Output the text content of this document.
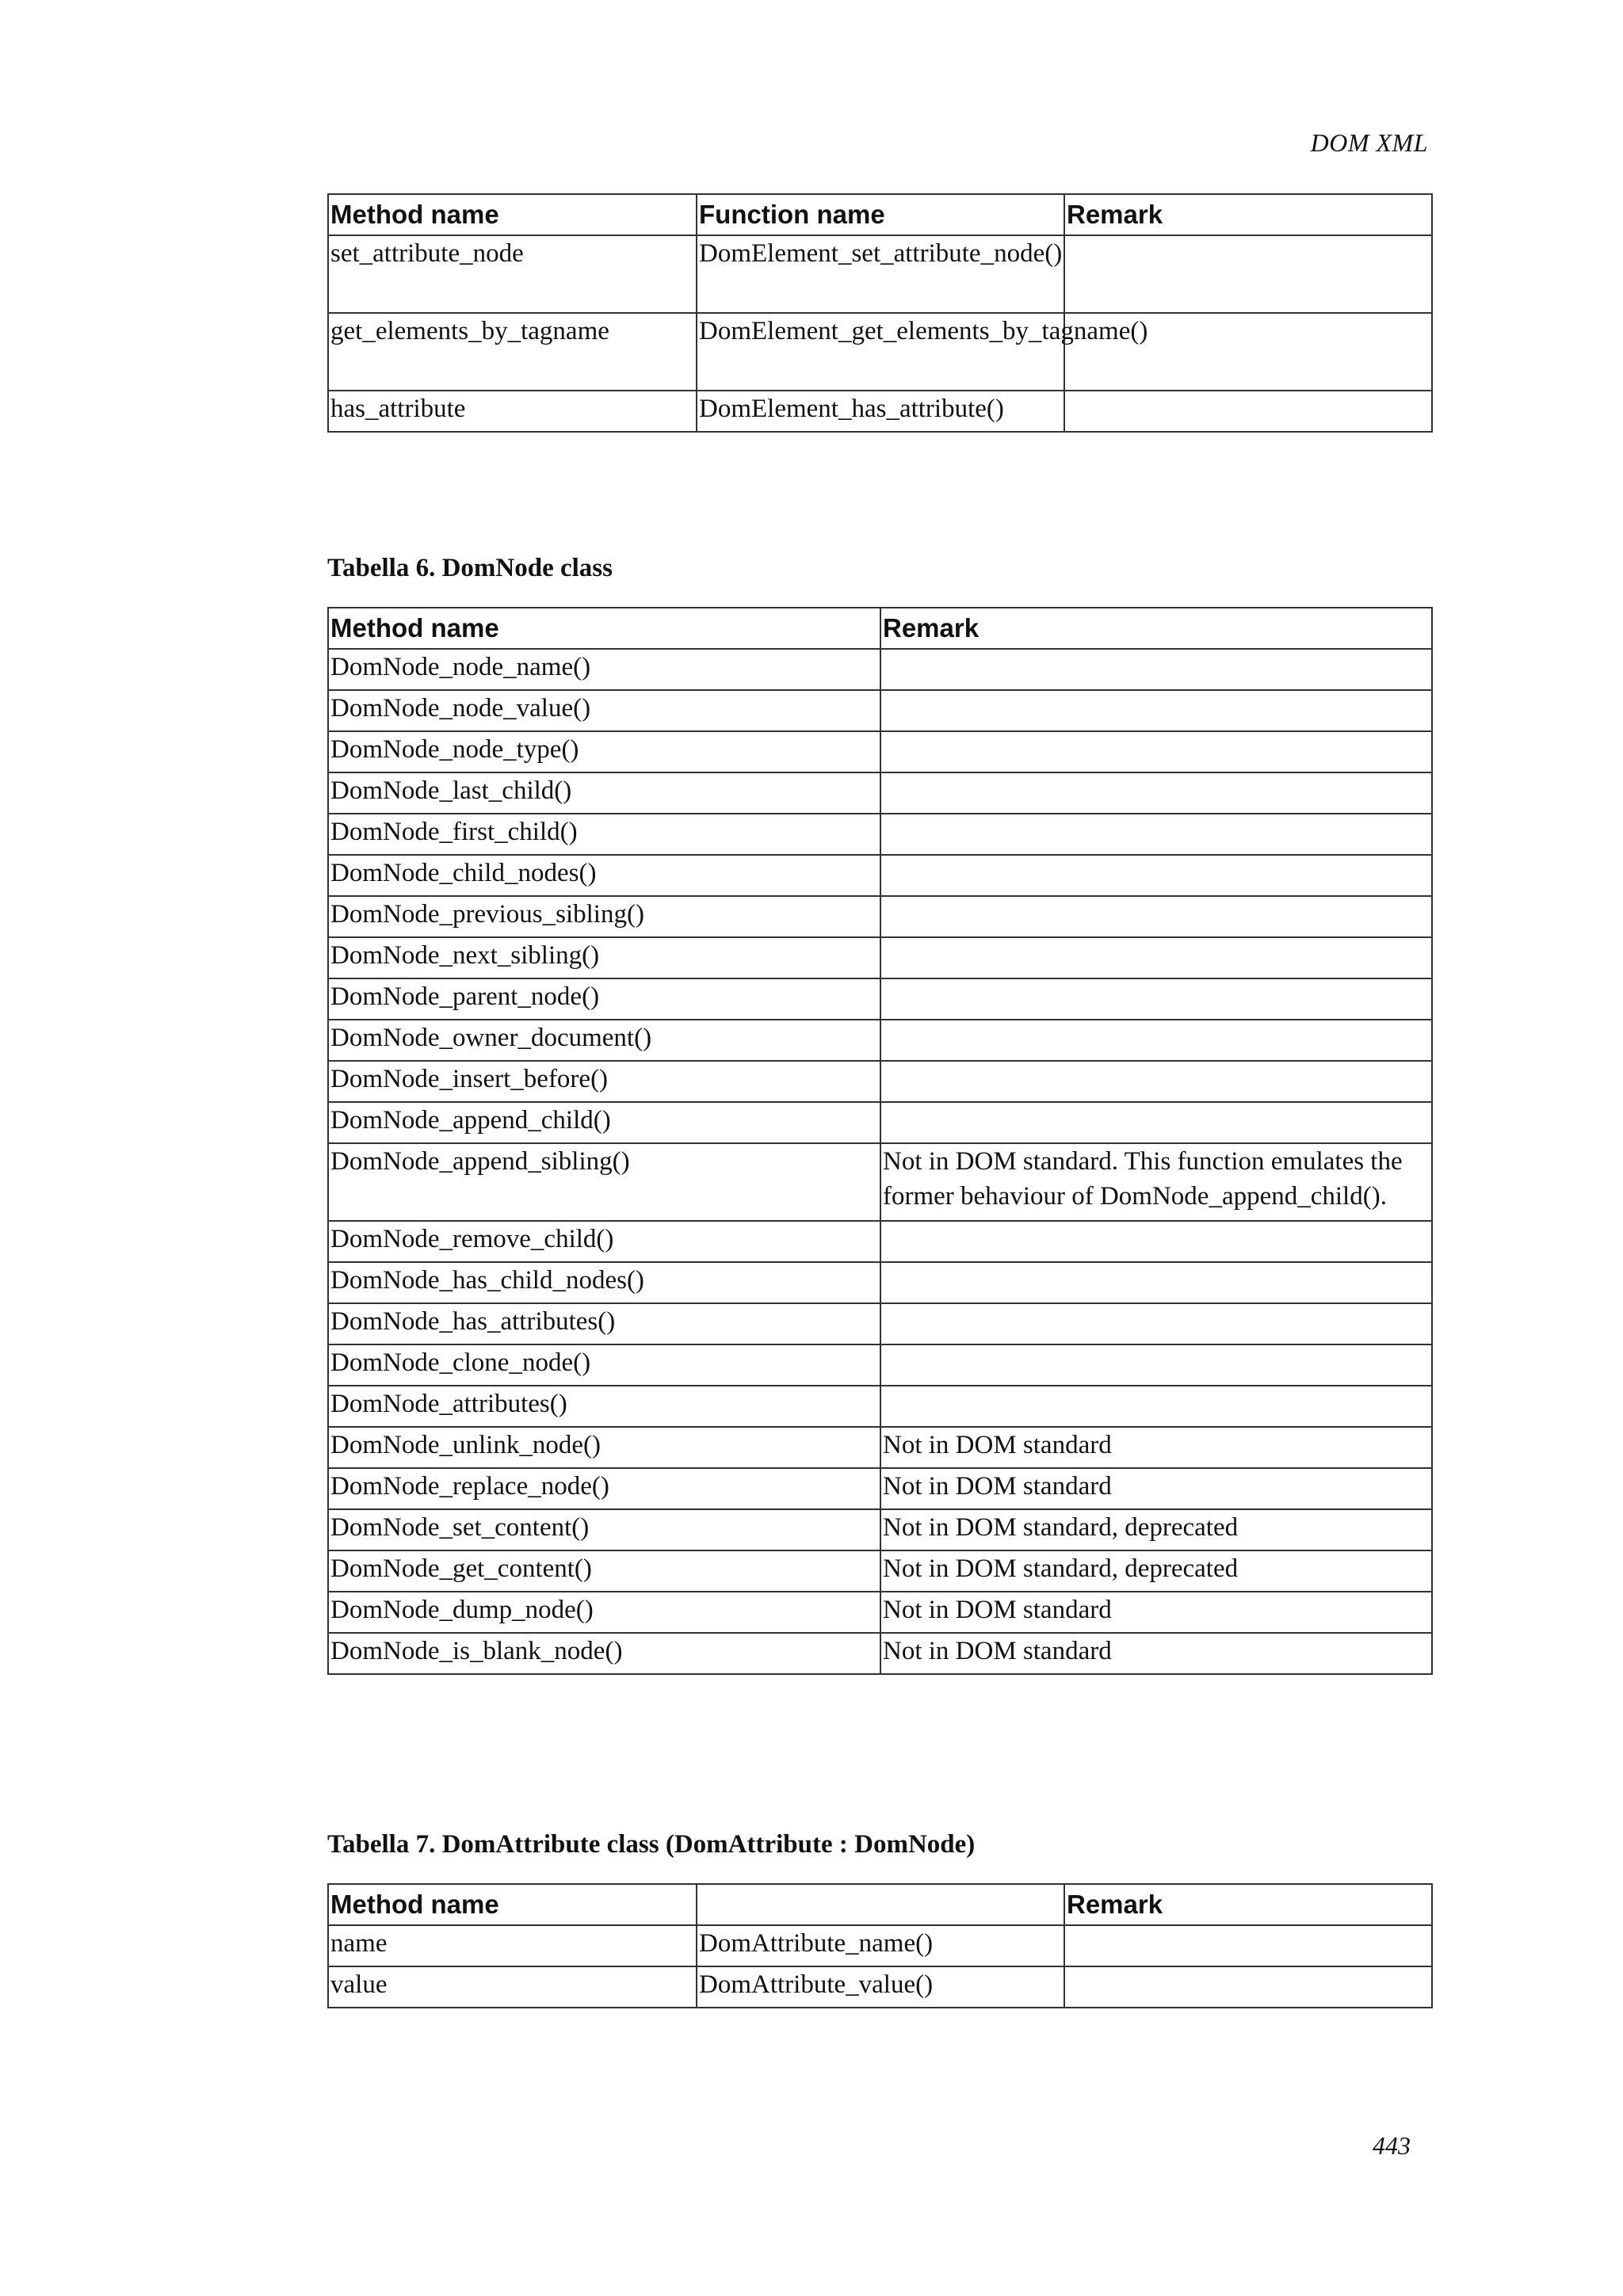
DOM XML
Method name	Function name	Remark
set_attribute_node	DomElement_set_attribute_node()	
get_elements_by_tagname	DomElement_get_elements_by_tagname()	
has_attribute	DomElement_has_attribute()	
Tabella 6. DomNode class
Method name	Remark
DomNode_node_name()	
DomNode_node_value()	
DomNode_node_type()	
DomNode_last_child()	
DomNode_first_child()	
DomNode_child_nodes()	
DomNode_previous_sibling()	
DomNode_next_sibling()	
DomNode_parent_node()	
DomNode_owner_document()	
DomNode_insert_before()	
DomNode_append_child()	
DomNode_append_sibling()	Not in DOM standard. This function emulates the former behaviour of DomNode_append_child().
DomNode_remove_child()	
DomNode_has_child_nodes()	
DomNode_has_attributes()	
DomNode_clone_node()	
DomNode_attributes()	
DomNode_unlink_node()	Not in DOM standard
DomNode_replace_node()	Not in DOM standard
DomNode_set_content()	Not in DOM standard, deprecated
DomNode_get_content()	Not in DOM standard, deprecated
DomNode_dump_node()	Not in DOM standard
DomNode_is_blank_node()	Not in DOM standard
Tabella 7. DomAttribute class (DomAttribute : DomNode)
Method name		Remark
name	DomAttribute_name()	
value	DomAttribute_value()	
443
